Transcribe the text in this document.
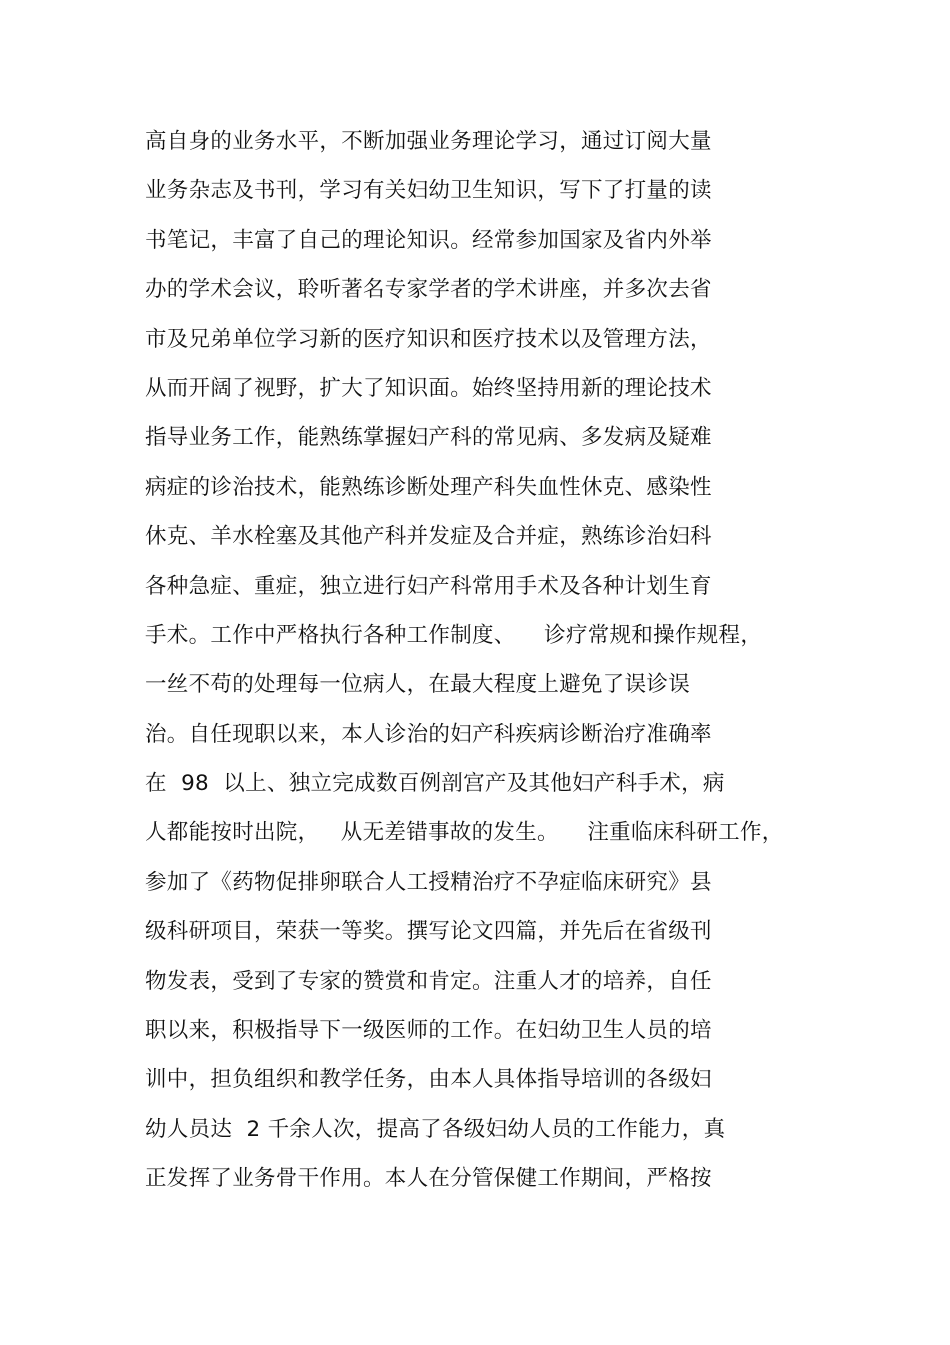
高自身的业务水平，不断加强业务理论学习，通过订阅大量
业务杂志及书刊，学习有关妇幼卫生知识，写下了打量的读
书笔记，丰富了自己的理论知识。经常参加国家及省内外举
办的学术会议，聆听著名专家学者的学术讲座，并多次去省
市及兄弟单位学习新的医疗知识和医疗技术以及管理方法，
从而开阔了视野，扩大了知识面。始终坚持用新的理论技术
指导业务工作，能熟练掌握妇产科的常见病、多发病及疑难
病症的诊治技术，能熟练诊断处理产科失血性休克、感染性
休克、羊水栓塞及其他产科并发症及合并症，熟练诊治妇科
各种急症、重症，独立进行妇产科常用手术及各种计划生育
手术。工作中严格执行各种工作制度、    诊疗常规和操作规程，
一丝不苟的处理每一位病人，在最大程度上避免了误诊误
治。自任现职以来，本人诊治的妇产科疾病诊断治疗准确率
在  98  以上、独立完成数百例剖宫产及其他妇产科手术，病
人都能按时出院，   从无差错事故的发生。    注重临床科研工作，
参加了《药物促排卵联合人工授精治疗不孕症临床研究》县
级科研项目，荣获一等奖。撰写论文四篇，并先后在省级刊
物发表，受到了专家的赞赏和肯定。注重人才的培养，自任
职以来，积极指导下一级医师的工作。在妇幼卫生人员的培
训中，担负组织和教学任务，由本人具体指导培训的各级妇
幼人员达  2 千余人次，提高了各级妇幼人员的工作能力，真
正发挥了业务骨干作用。本人在分管保健工作期间，严格按
